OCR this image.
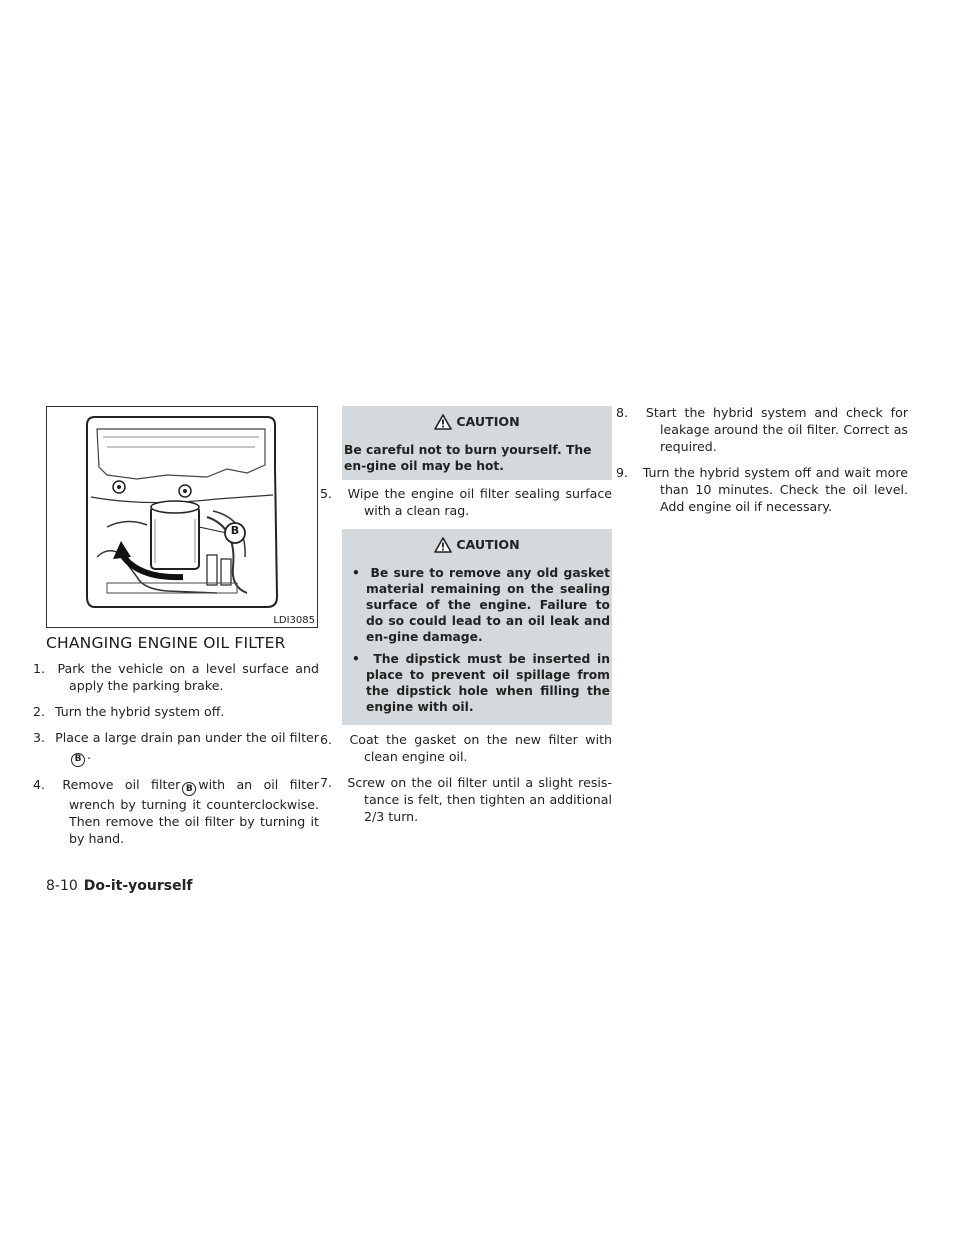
B
LDI3085
CHANGING ENGINE OIL FILTER

1. Park the vehicle on a level surface and apply the parking brake.

2. Turn the hybrid system off.

3. Place a large drain pan under the oil filterB .

4. Remove oil filter B with an oil filter wrench by turning it counterclockwise. Then remove the oil filter by turning it by hand.

CAUTION

Be careful not to burn yourself. The en-gine oil may be hot.

5. Wipe the engine oil filter sealing surface with a clean rag.

CAUTION

•  Be sure to remove any old gasket material remaining on the sealing surface of the engine. Failure to do so could lead to an oil leak and en-gine damage.

•  The dipstick must be inserted in place to prevent oil spillage from the dipstick hole when filling the engine with oil.

6. Coat the gasket on the new filter with clean engine oil.

7. Screw on the oil filter until a slight resis-tance is felt, then tighten an additional 2/3 turn.

8. Start the hybrid system and check for leakage around the oil filter. Correct as required.

9. Turn the hybrid system off and wait more than 10 minutes. Check the oil level. Add engine oil if necessary.

8-10 Do-it-yourself
